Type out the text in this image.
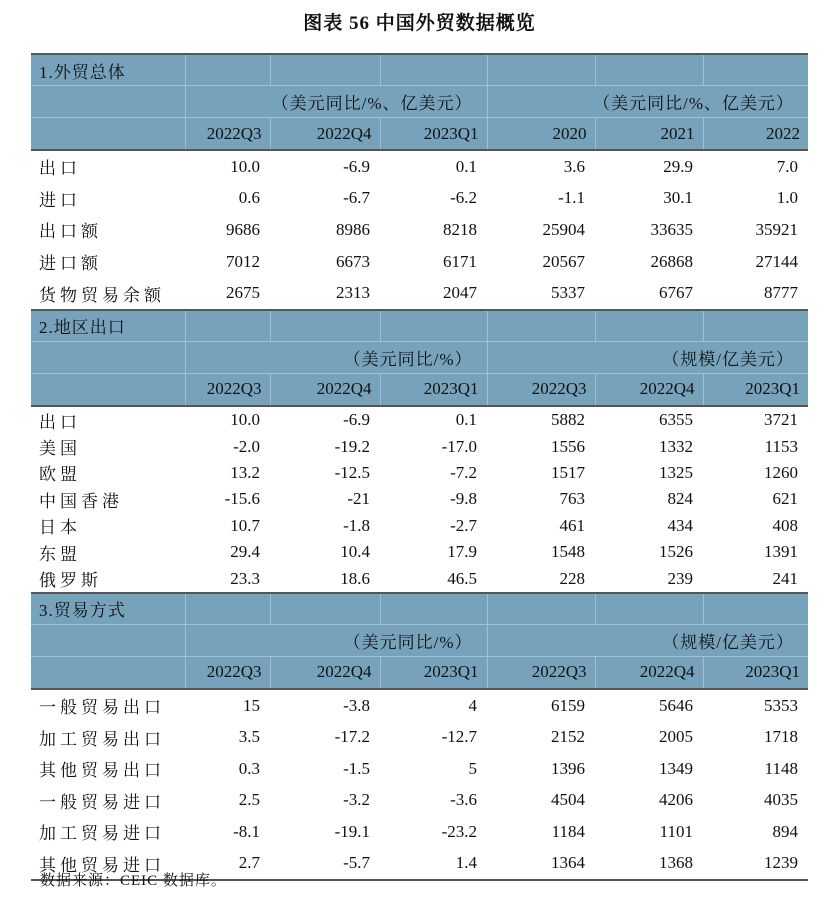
图表 56 中国外贸数据概览
1.外贸总体						
	（美元同比/%、亿美元）			（美元同比/%、亿美元）		
	2022Q3	2022Q4	2023Q1	2020	2021	2022
出口	10.0	-6.9	0.1	3.6	29.9	7.0
进口	0.6	-6.7	-6.2	-1.1	30.1	1.0
出口额	9686	8986	8218	25904	33635	35921
进口额	7012	6673	6171	20567	26868	27144
货物贸易余额	2675	2313	2047	5337	6767	8777
2.地区出口						
	（美元同比/%）			（规模/亿美元）		
	2022Q3	2022Q4	2023Q1	2022Q3	2022Q4	2023Q1
出口	10.0	-6.9	0.1	5882	6355	3721
美国	-2.0	-19.2	-17.0	1556	1332	1153
欧盟	13.2	-12.5	-7.2	1517	1325	1260
中国香港	-15.6	-21	-9.8	763	824	621
日本	10.7	-1.8	-2.7	461	434	408
东盟	29.4	10.4	17.9	1548	1526	1391
俄罗斯	23.3	18.6	46.5	228	239	241
3.贸易方式						
	（美元同比/%）			（规模/亿美元）		
	2022Q3	2022Q4	2023Q1	2022Q3	2022Q4	2023Q1
一般贸易出口	15	-3.8	4	6159	5646	5353
加工贸易出口	3.5	-17.2	-12.7	2152	2005	1718
其他贸易出口	0.3	-1.5	5	1396	1349	1148
一般贸易进口	2.5	-3.2	-3.6	4504	4206	4035
加工贸易进口	-8.1	-19.1	-23.2	1184	1101	894
其他贸易进口	2.7	-5.7	1.4	1364	1368	1239
数据来源：CEIC 数据库。
